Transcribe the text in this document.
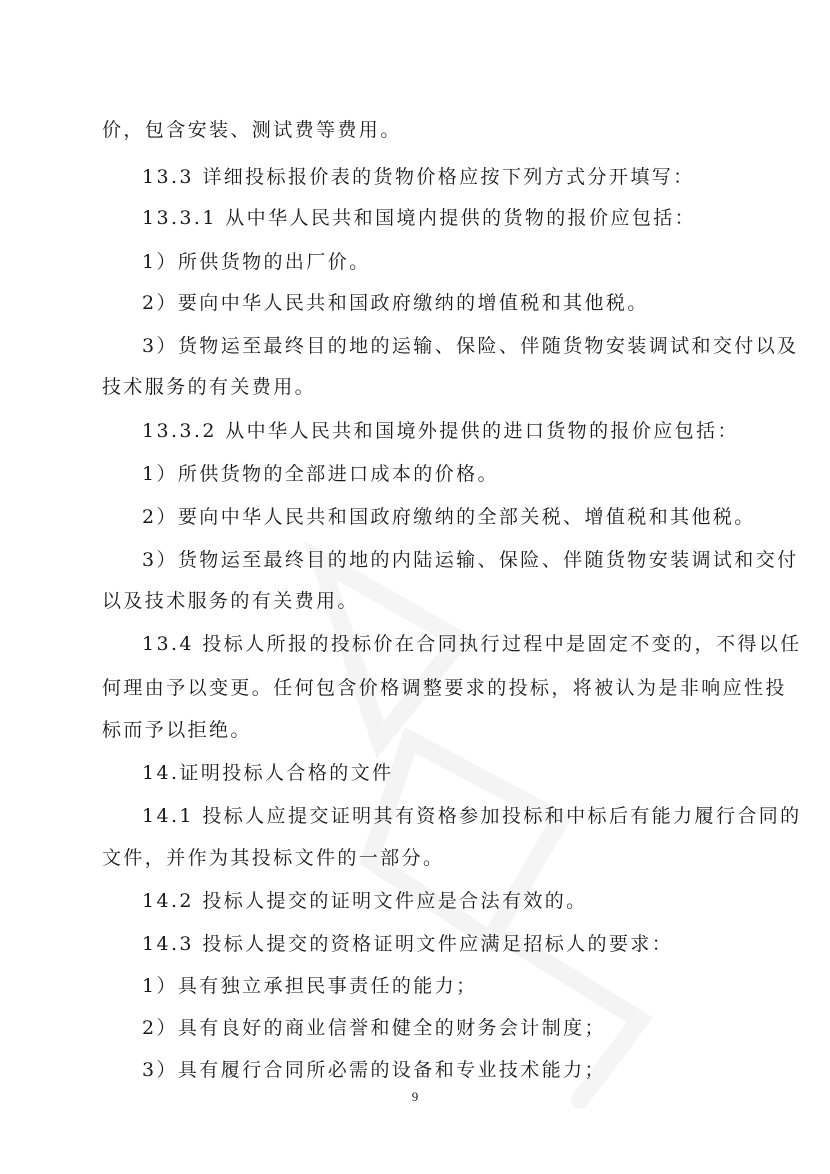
价，包含安装、测试费等费用。
13.3 详细投标报价表的货物价格应按下列方式分开填写：
13.3.1 从中华人民共和国境内提供的货物的报价应包括：
1）所供货物的出厂价。
2）要向中华人民共和国政府缴纳的增值税和其他税。
3）货物运至最终目的地的运输、保险、伴随货物安装调试和交付以及
技术服务的有关费用。
13.3.2 从中华人民共和国境外提供的进口货物的报价应包括：
1）所供货物的全部进口成本的价格。
2）要向中华人民共和国政府缴纳的全部关税、增值税和其他税。
3）货物运至最终目的地的内陆运输、保险、伴随货物安装调试和交付
以及技术服务的有关费用。
13.4 投标人所报的投标价在合同执行过程中是固定不变的，不得以任
何理由予以变更。任何包含价格调整要求的投标，将被认为是非响应性投
标而予以拒绝。
14.证明投标人合格的文件
14.1 投标人应提交证明其有资格参加投标和中标后有能力履行合同的
文件，并作为其投标文件的一部分。
14.2 投标人提交的证明文件应是合法有效的。
14.3 投标人提交的资格证明文件应满足招标人的要求：
1）具有独立承担民事责任的能力；
2）具有良好的商业信誉和健全的财务会计制度；
3）具有履行合同所必需的设备和专业技术能力；
9
